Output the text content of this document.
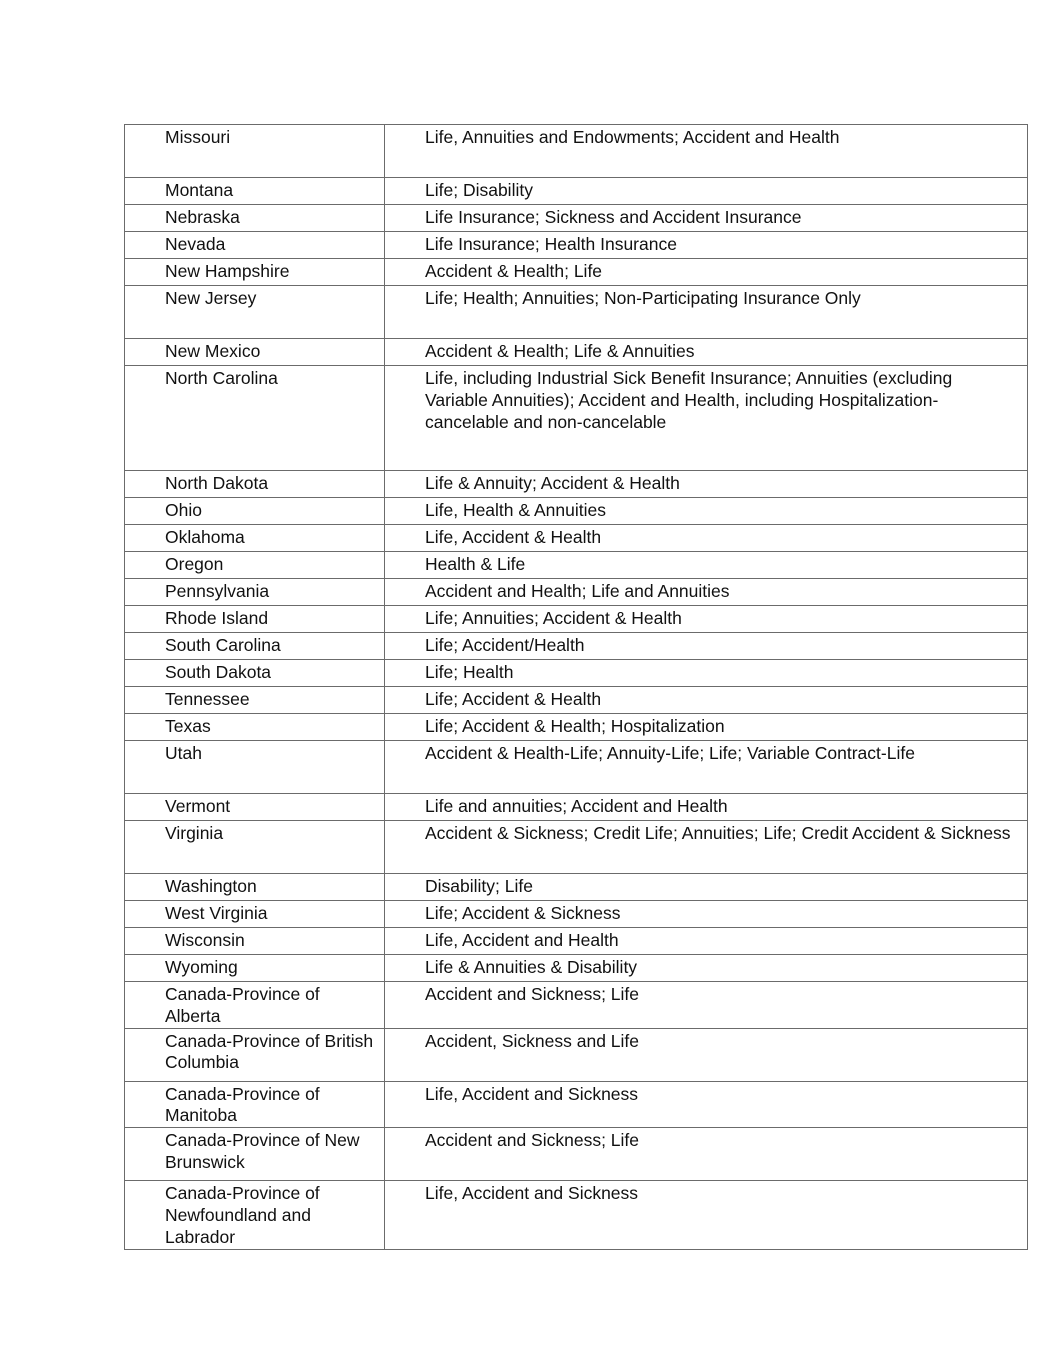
Missouri	Life, Annuities and Endowments; Accident and Health
Montana	Life; Disability
Nebraska	Life Insurance; Sickness and Accident Insurance
Nevada	Life Insurance; Health Insurance
New Hampshire	Accident & Health; Life
New Jersey	Life; Health; Annuities; Non-Participating Insurance Only
New Mexico	Accident & Health; Life & Annuities
North Carolina	Life, including Industrial Sick Benefit Insurance; Annuities (excluding Variable Annuities); Accident and Health, including Hospitalization-cancelable and non-cancelable
North Dakota	Life & Annuity; Accident & Health
Ohio	Life, Health & Annuities
Oklahoma	Life, Accident & Health
Oregon	Health & Life
Pennsylvania	Accident and Health; Life and Annuities
Rhode Island	Life; Annuities; Accident & Health
South Carolina	Life; Accident/Health
South Dakota	Life; Health
Tennessee	Life; Accident & Health
Texas	Life; Accident & Health; Hospitalization
Utah	Accident & Health-Life; Annuity-Life; Life; Variable Contract-Life
Vermont	Life and annuities; Accident and Health
Virginia	Accident & Sickness; Credit Life; Annuities; Life; Credit Accident & Sickness
Washington	Disability; Life
West Virginia	Life; Accident & Sickness
Wisconsin	Life, Accident and Health
Wyoming	Life & Annuities & Disability
Canada-Province of
Alberta	Accident and Sickness; Life
Canada-Province of British
Columbia	Accident, Sickness and Life
Canada-Province of
Manitoba	Life, Accident and Sickness
Canada-Province of New
Brunswick	Accident and Sickness; Life
Canada-Province of
Newfoundland and
Labrador	Life, Accident and Sickness
